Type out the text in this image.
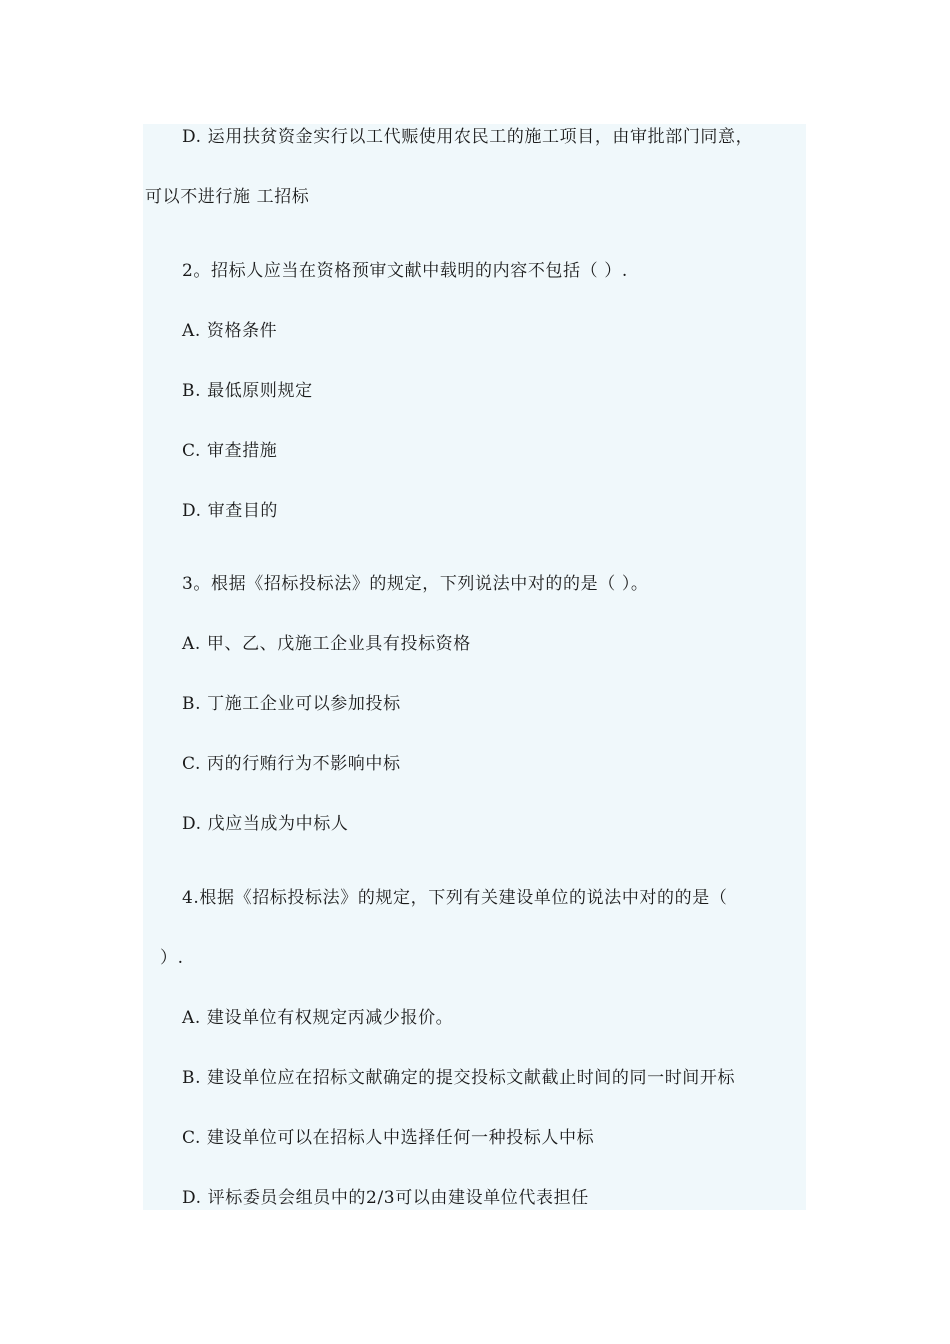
D. 运用扶贫资金实行以工代赈使用农民工的施工项目，由审批部门同意，
可以不进行施 工招标
2。招标人应当在资格预审文献中载明的内容不包括（ ）.
A. 资格条件
B. 最低原则规定
C. 审查措施
D. 审查目的
3。根据《招标投标法》的规定，下列说法中对的的是（ ）。
A. 甲、乙、戊施工企业具有投标资格
B. 丁施工企业可以参加投标
C. 丙的行贿行为不影响中标
D. 戊应当成为中标人
4.根据《招标投标法》的规定，下列有关建设单位的说法中对的的是（
）.
A. 建设单位有权规定丙减少报价。
B. 建设单位应在招标文献确定的提交投标文献截止时间的同一时间开标
C. 建设单位可以在招标人中选择任何一种投标人中标
D. 评标委员会组员中的2/3可以由建设单位代表担任
